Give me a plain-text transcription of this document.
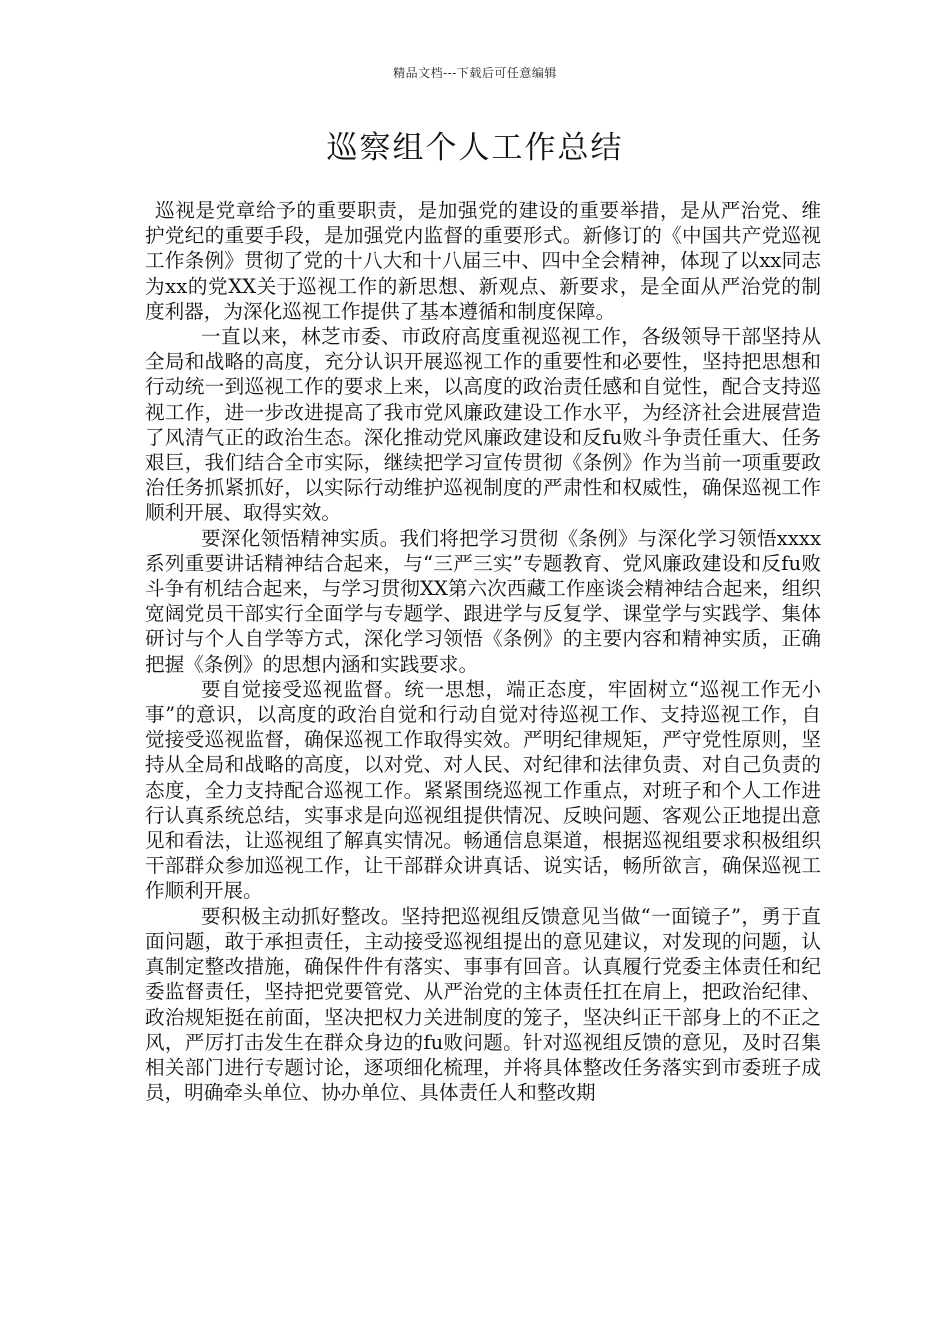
精品文档---下载后可任意编辑
巡察组个人工作总结

巡视是党章给予的重要职责，是加强党的建设的重要举措，是从严治党、维护党纪的重要手段，是加强党内监督的重要形式。新修订的《中国共产党巡视工作条例》贯彻了党的十八大和十八届三中、四中全会精神，体现了以xx同志为xx的党XX关于巡视工作的新思想、新观点、新要求，是全面从严治党的制度利器，为深化巡视工作提供了基本遵循和制度保障。

一直以来，林芝市委、市政府高度重视巡视工作，各级领导干部坚持从全局和战略的高度，充分认识开展巡视工作的重要性和必要性，坚持把思想和行动统一到巡视工作的要求上来，以高度的政治责任感和自觉性，配合支持巡视工作，进一步改进提高了我市党风廉政建设工作水平，为经济社会进展营造了风清气正的政治生态。深化推动党风廉政建设和反fu败斗争责任重大、任务艰巨，我们结合全市实际，继续把学习宣传贯彻《条例》作为当前一项重要政治任务抓紧抓好，以实际行动维护巡视制度的严肃性和权威性，确保巡视工作顺利开展、取得实效。

要深化领悟精神实质。我们将把学习贯彻《条例》与深化学习领悟xxxx系列重要讲话精神结合起来，与“三严三实”专题教育、党风廉政建设和反fu败斗争有机结合起来，与学习贯彻XX第六次西藏工作座谈会精神结合起来，组织宽阔党员干部实行全面学与专题学、跟进学与反复学、课堂学与实践学、集体研讨与个人自学等方式，深化学习领悟《条例》的主要内容和精神实质，正确把握《条例》的思想内涵和实践要求。

要自觉接受巡视监督。统一思想，端正态度，牢固树立“巡视工作无小事”的意识，以高度的政治自觉和行动自觉对待巡视工作、支持巡视工作，自觉接受巡视监督，确保巡视工作取得实效。严明纪律规矩，严守党性原则，坚持从全局和战略的高度，以对党、对人民、对纪律和法律负责、对自己负责的态度，全力支持配合巡视工作。紧紧围绕巡视工作重点，对班子和个人工作进行认真系统总结，实事求是向巡视组提供情况、反映问题、客观公正地提出意见和看法，让巡视组了解真实情况。畅通信息渠道，根据巡视组要求积极组织干部群众参加巡视工作，让干部群众讲真话、说实话，畅所欲言，确保巡视工作顺利开展。

要积极主动抓好整改。坚持把巡视组反馈意见当做“一面镜子”，勇于直面问题，敢于承担责任，主动接受巡视组提出的意见建议，对发现的问题，认真制定整改措施，确保件件有落实、事事有回音。认真履行党委主体责任和纪委监督责任，坚持把党要管党、从严治党的主体责任扛在肩上，把政治纪律、政治规矩挺在前面，坚决把权力关进制度的笼子，坚决纠正干部身上的不正之风，严厉打击发生在群众身边的fu败问题。针对巡视组反馈的意见，及时召集相关部门进行专题讨论，逐项细化梳理，并将具体整改任务落实到市委班子成员，明确牵头单位、协办单位、具体责任人和整改期
